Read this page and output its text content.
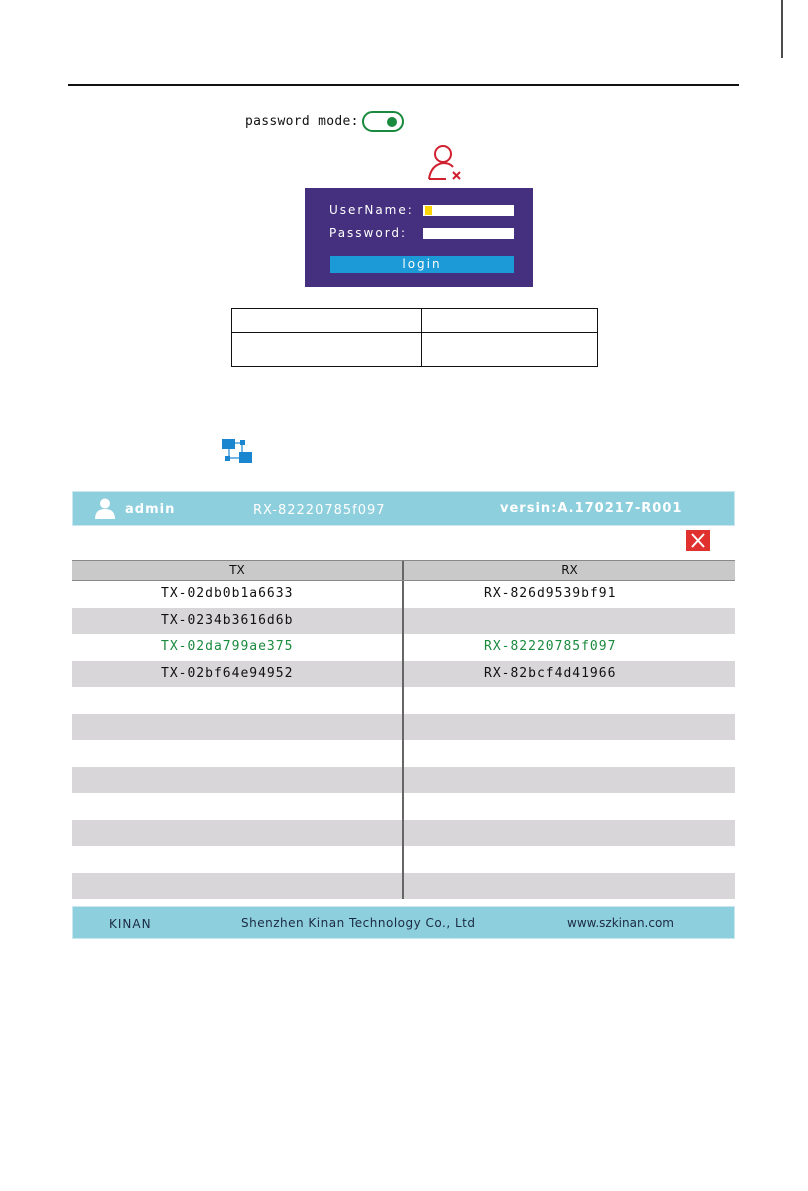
password mode:
UserName:
Password:
login

admin	RX-82220785f097	versin:A.170217-R001
TX	RX
TX-02db0b1a6633	RX-826d9539bf91
TX-0234b3616d6b
TX-02da799ae375	RX-82220785f097
TX-02bf64e94952	RX-82bcf4d41966
KINAN	Shenzhen Kinan Technology Co., Ltd	www.szkinan.com
